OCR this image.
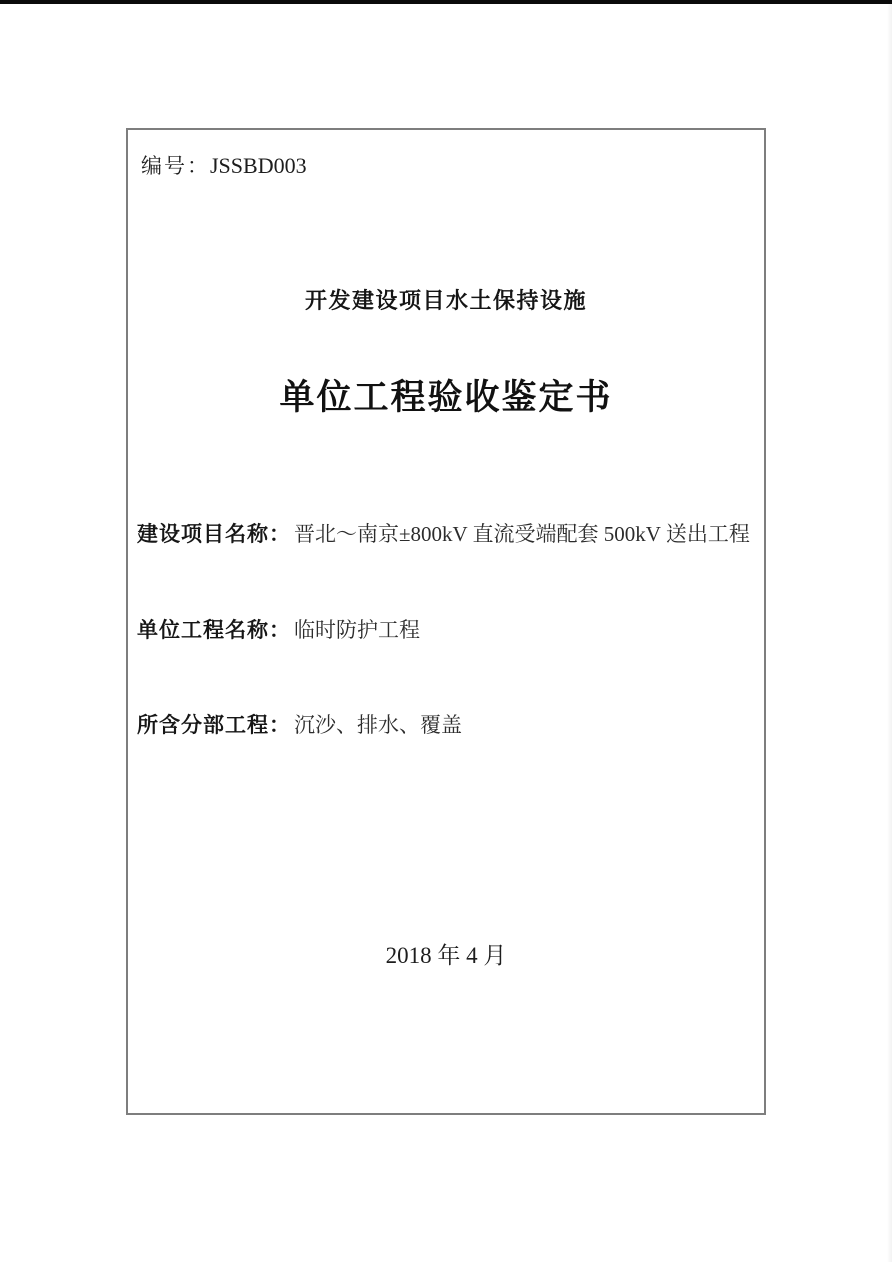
编号：JSSBD003
开发建设项目水土保持设施
单位工程验收鉴定书
建设项目名称： 晋北～南京±800kV 直流受端配套 500kV 送出工程
单位工程名称： 临时防护工程
所含分部工程： 沉沙、排水、覆盖
2018 年 4 月
